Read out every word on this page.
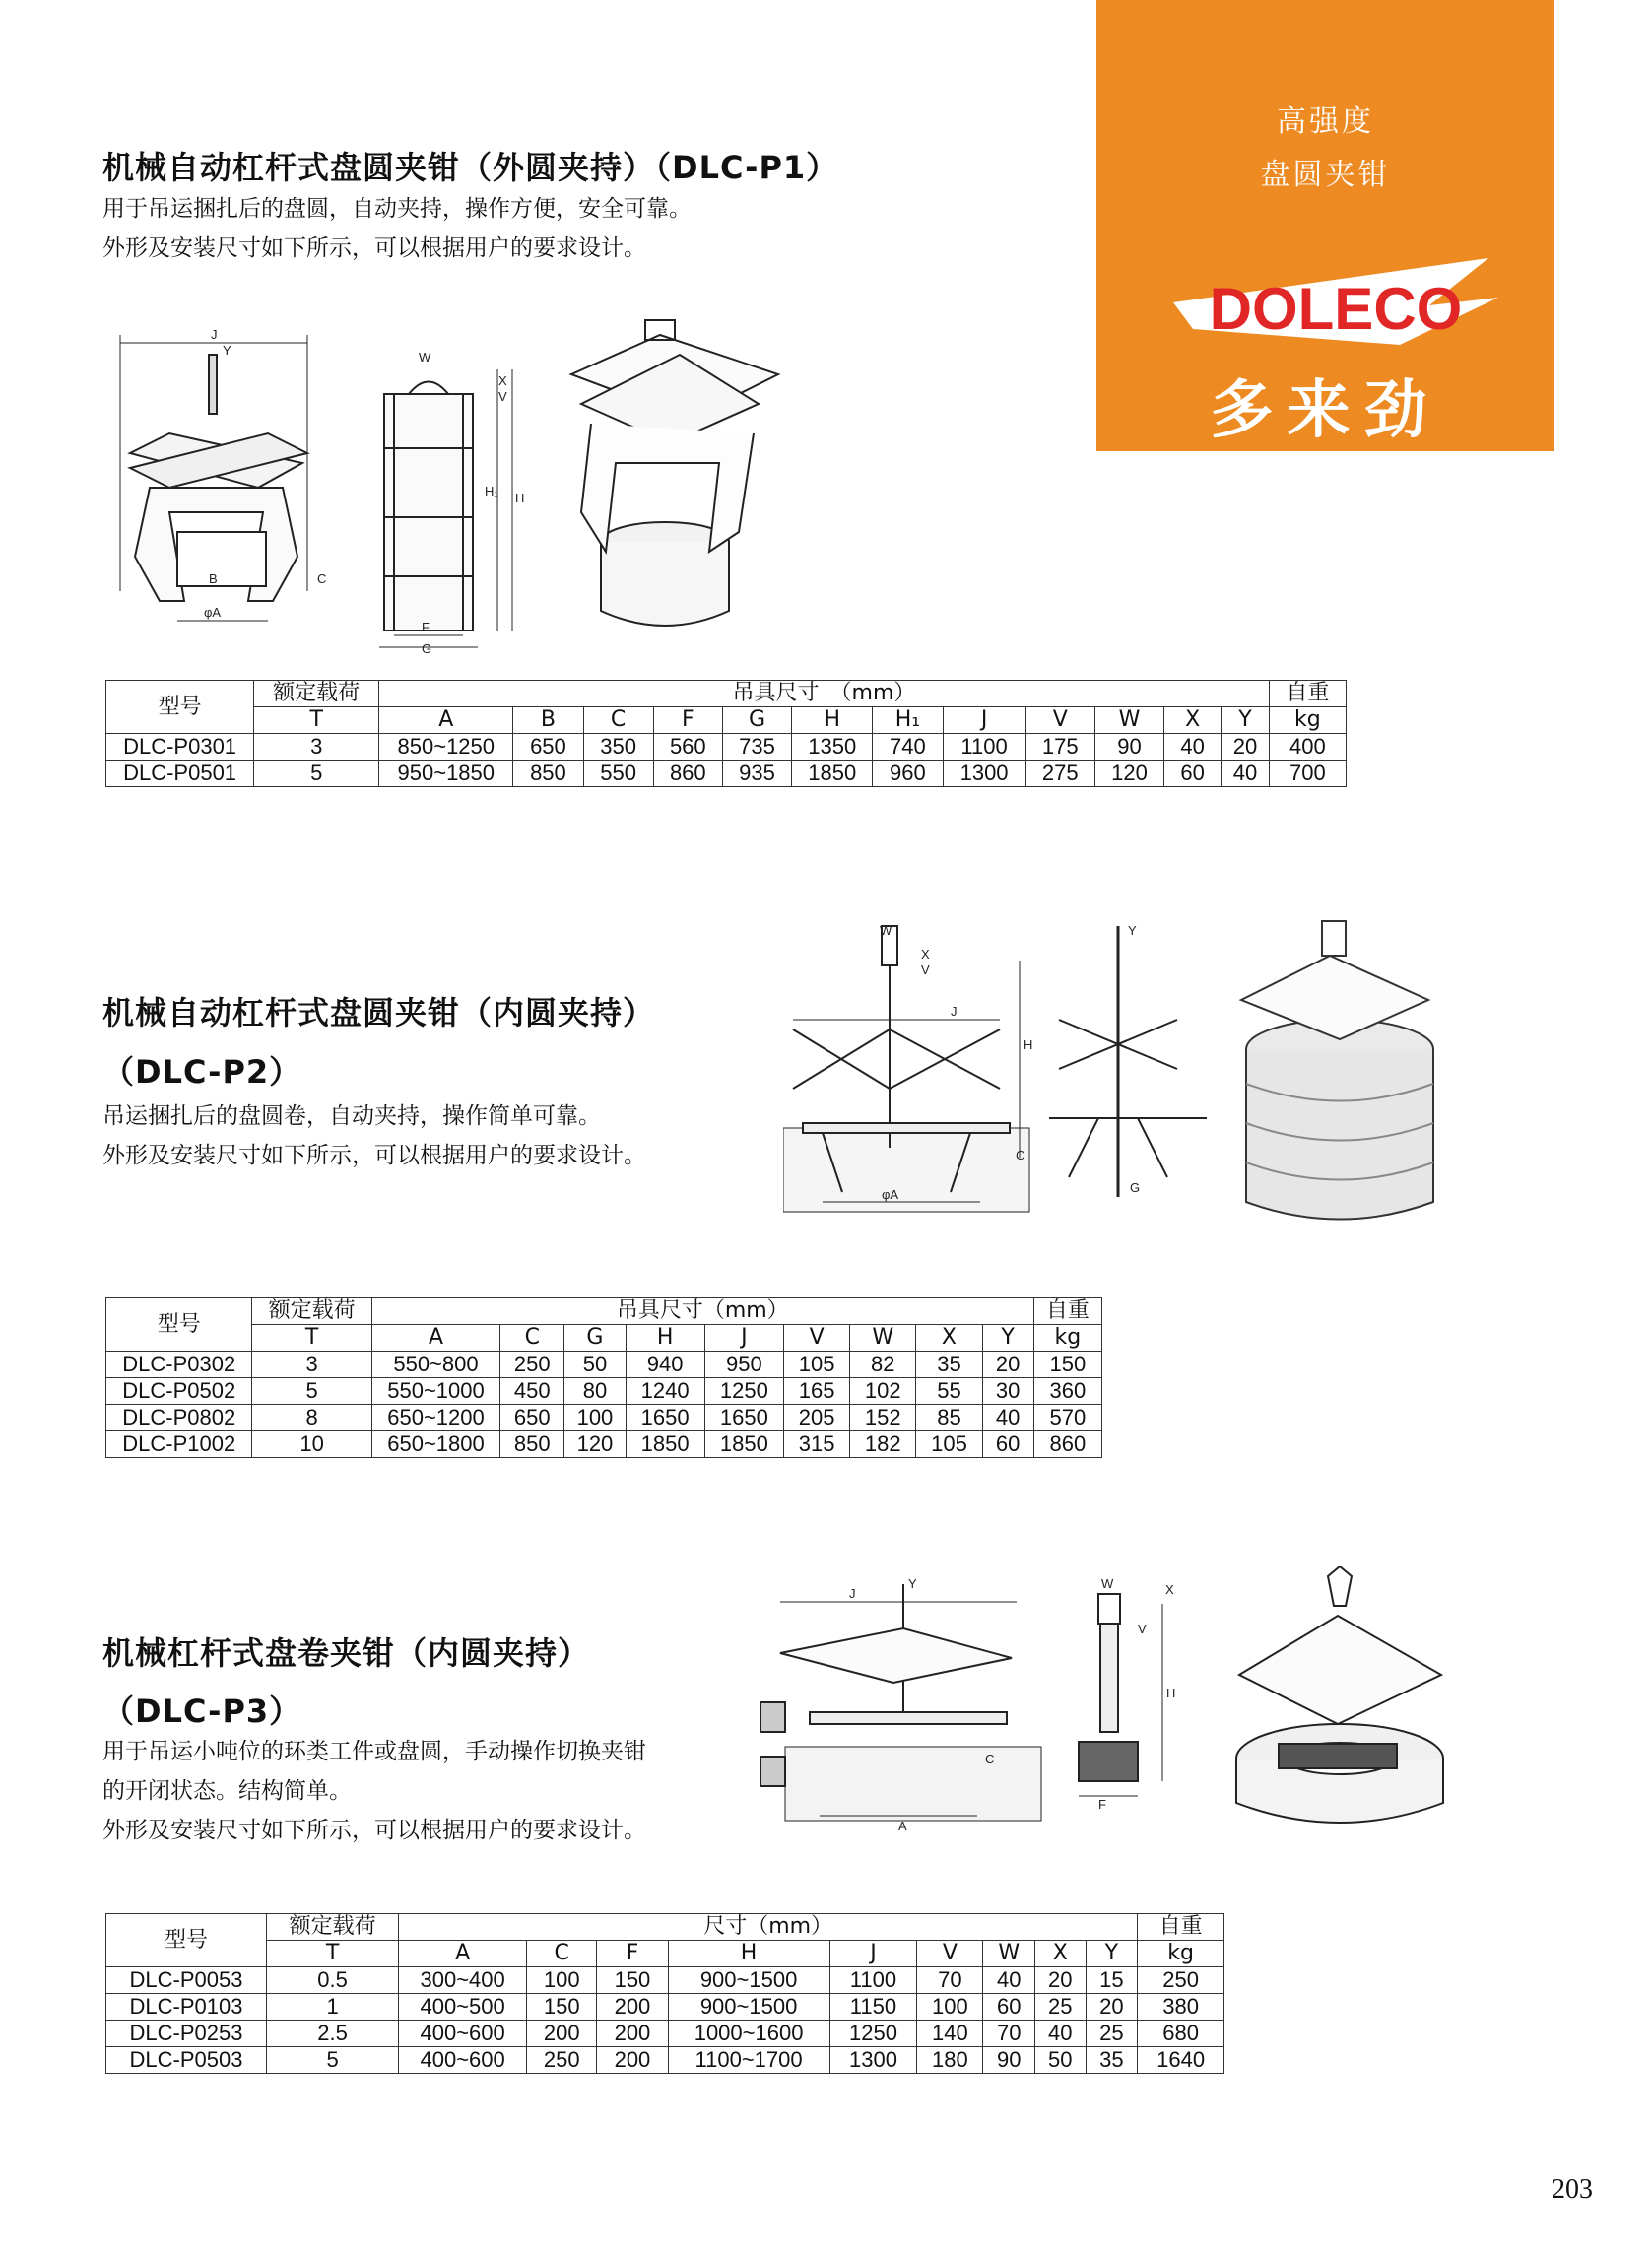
高强度
盘圆夹钳
DOLECO
多来劲
机械自动杠杆式盘圆夹钳（外圆夹持）（DLC-P1）
用于吊运捆扎后的盘圆，自动夹持，操作方便，安全可靠。
外形及安装尺寸如下所示，可以根据用户的要求设计。
J
Y
B	C
φA
W
X
V
H₁ H
F
G
型号	额定载荷	吊具尺寸　（mm）												自重
	T	A	B	C	F	G	H	H₁	J	V	W	X	Y	kg
DLC-P0301	3	850~1250	650	350	560	735	1350	740	1100	175	90	40	20	400
DLC-P0501	5	950~1850	850	550	860	935	1850	960	1300	275	120	60	40	700
机械自动杠杆式盘圆夹钳（内圆夹持）
（DLC-P2）
吊运捆扎后的盘圆卷，自动夹持，操作简单可靠。
外形及安装尺寸如下所示，可以根据用户的要求设计。
W
X
V
J
H
C
φA
Y
G
型号	额定载荷	吊具尺寸（mm）									自重
	T	A	C	G	H	J	V	W	X	Y	kg
DLC-P0302	3	550~800	250	50	940	950	105	82	35	20	150
DLC-P0502	5	550~1000	450	80	1240	1250	165	102	55	30	360
DLC-P0802	8	650~1200	650	100	1650	1650	205	152	85	40	570
DLC-P1002	10	650~1800	850	120	1850	1850	315	182	105	60	860
机械杠杆式盘卷夹钳（内圆夹持）
（DLC-P3）
用于吊运小吨位的环类工件或盘圆，手动操作切换夹钳
的开闭状态。结构简单。
外形及安装尺寸如下所示，可以根据用户的要求设计。
J
Y
C
A
W	X
V
H
F
型号	额定载荷	尺寸（mm）									自重
	T	A	C	F	H	J	V	W	X	Y	kg
DLC-P0053	0.5	300~400	100	150	900~1500	1100	70	40	20	15	250
DLC-P0103	1	400~500	150	200	900~1500	1150	100	60	25	20	380
DLC-P0253	2.5	400~600	200	200	1000~1600	1250	140	70	40	25	680
DLC-P0503	5	400~600	250	200	1100~1700	1300	180	90	50	35	1640
203
